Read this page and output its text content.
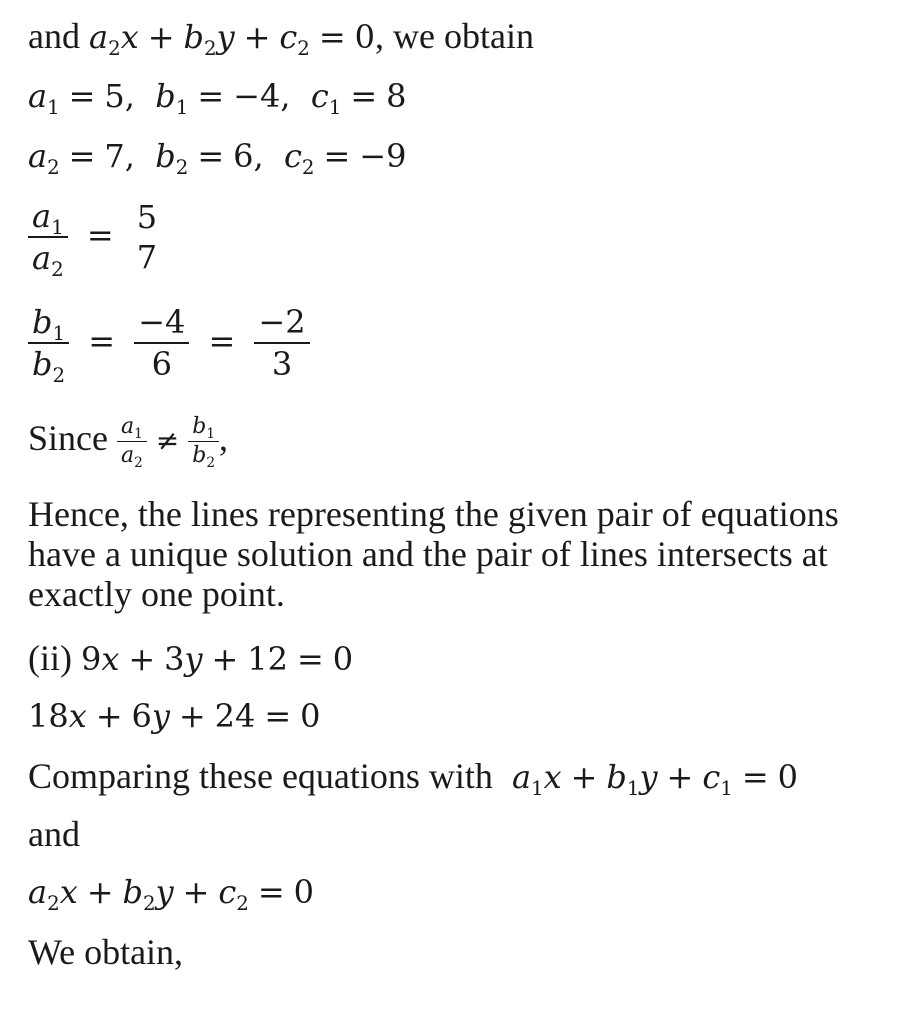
and $a_2x + b_2y + c_2 = 0$, we obtain
$a_1 = 5$,  $b_1 = -4$,  $c_1 = 8$
$a_2 = 7$,  $b_2 = 6$,  $c_2 = -9$
$\frac{a_1}{a_2} = 5$
7
$\frac{b_1}{b_2} = \frac{-4}{6} = \frac{-2}{3}$
Since $\frac{a_1}{a_2} \ne \frac{b_1}{b_2}$ ,
Hence, the lines representing the given pair of equations have a unique solution and the pair of lines intersects at exactly one point.
(ii) 9x + 3y + 12 = 0
18x + 6y + 24 = 0
Comparing these equations with $a_1x + b_1y + c_1 = 0$
and
$a_2x + b_2y + c_2 = 0$
We obtain,
